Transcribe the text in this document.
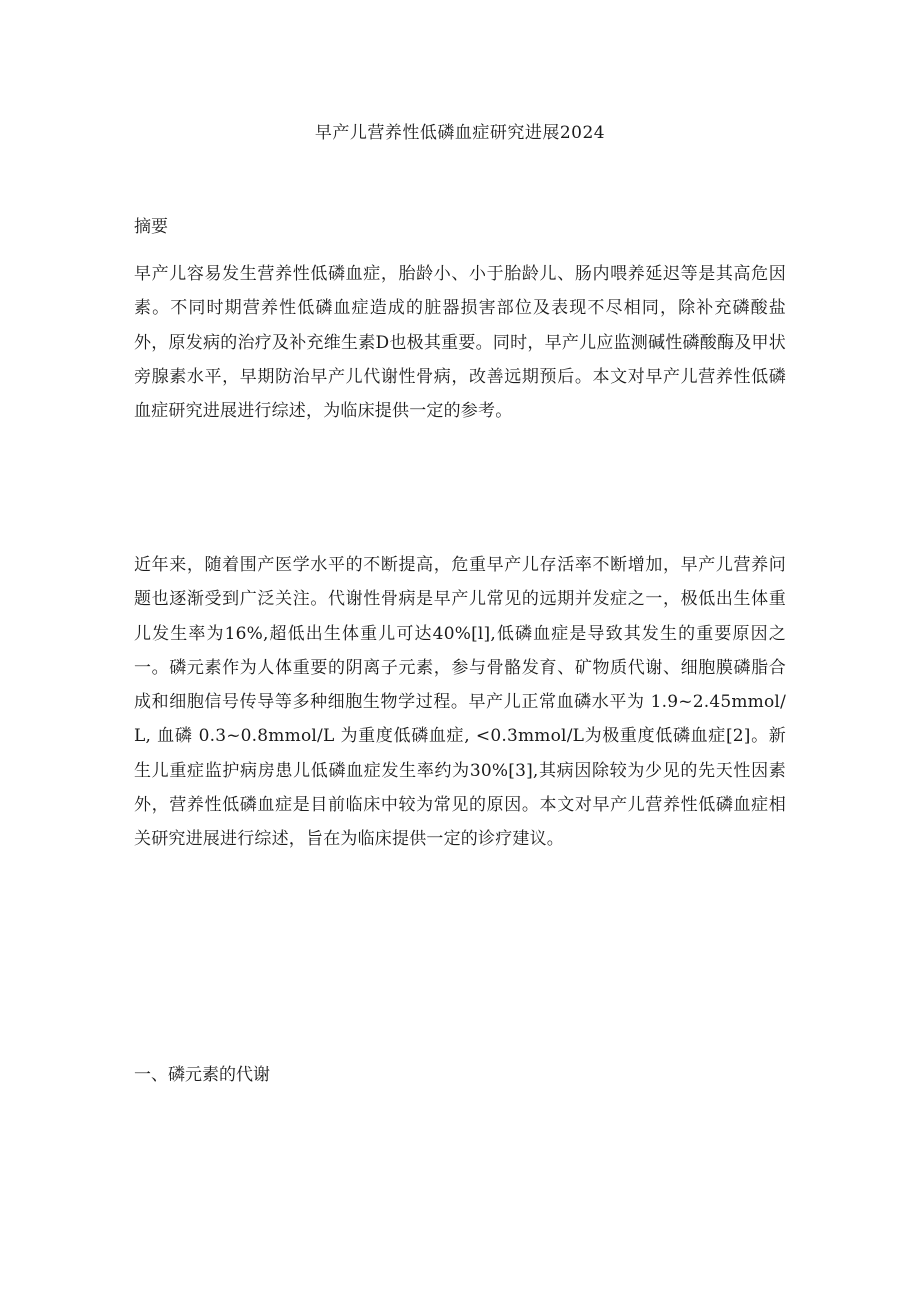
早产儿营养性低磷血症研究进展2024
摘要

早产儿容易发生营养性低磷血症，胎龄小、小于胎龄儿、肠内喂养延迟等是其高危因素。不同时期营养性低磷血症造成的脏器损害部位及表现不尽相同，除补充磷酸盐外，原发病的治疗及补充维生素D也极其重要。同时，早产儿应监测碱性磷酸酶及甲状旁腺素水平，早期防治早产儿代谢性骨病，改善远期预后。本文对早产儿营养性低磷血症研究进展进行综述，为临床提供一定的参考。

近年来，随着围产医学水平的不断提高，危重早产儿存活率不断增加，早产儿营养问题也逐渐受到广泛关注。代谢性骨病是早产儿常见的远期并发症之一，极低出生体重儿发生率为16%,超低出生体重儿可达40%[l],低磷血症是导致其发生的重要原因之一。磷元素作为人体重要的阴离子元素，参与骨骼发育、矿物质代谢、细胞膜磷脂合成和细胞信号传导等多种细胞生物学过程。早产儿正常血磷水平为 1.9~2.45mmol∕L, 血磷 0.3~0.8mmol/L 为重度低磷血症, <0.3mmol/L为极重度低磷血症[2]。新生儿重症监护病房患儿低磷血症发生率约为30%[3],其病因除较为少见的先天性因素外，营养性低磷血症是目前临床中较为常见的原因。本文对早产儿营养性低磷血症相关研究进展进行综述，旨在为临床提供一定的诊疗建议。

一、磷元素的代谢
